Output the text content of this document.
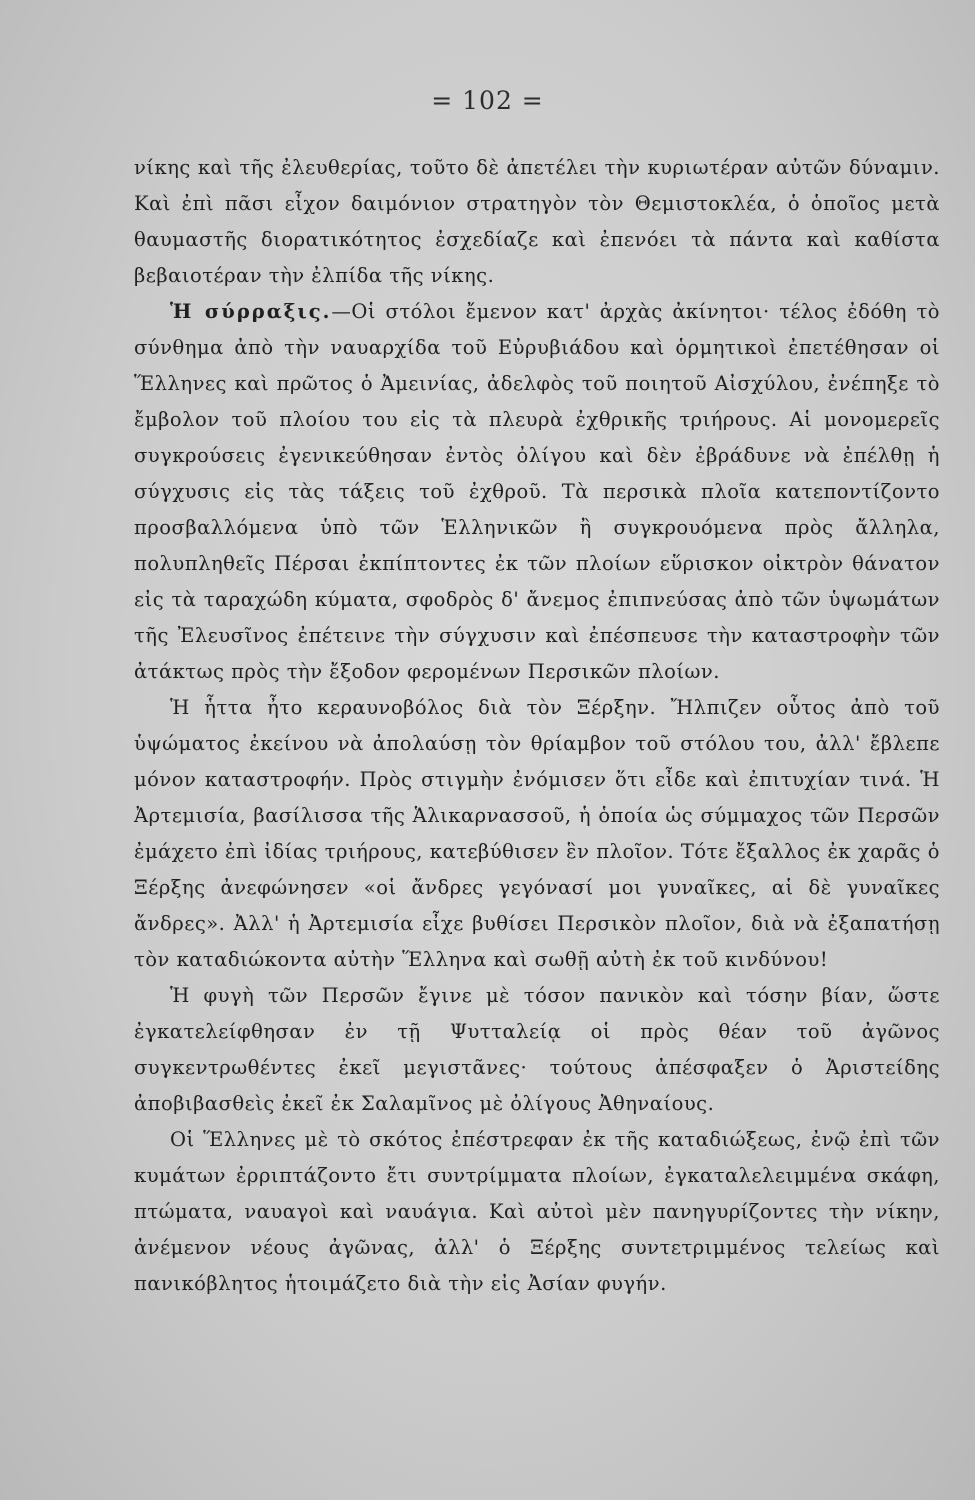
= 102 =

νίκης καὶ τῆς ἐλευθερίας, τοῦτο δὲ ἀπετέλει τὴν κυριωτέραν αὐτῶν δύναμιν. Καὶ ἐπὶ πᾶσι εἶχον δαιμόνιον στρατηγὸν τὸν Θεμιστοκλέα, ὁ ὁποῖος μετὰ θαυμαστῆς διορατικότητος ἐσχεδίαζε καὶ ἐπενόει τὰ πάντα καὶ καθίστα βεβαιοτέραν τὴν ἐλπίδα τῆς νίκης.

Ἡ σύρραξις.—Οἱ στόλοι ἔμενον κατ' ἀρχὰς ἀκίνητοι· τέλος ἐδόθη τὸ σύνθημα ἀπὸ τὴν ναυαρχίδα τοῦ Εὐρυβιάδου καὶ ὁρμητικοὶ ἐπετέθησαν οἱ Ἕλληνες καὶ πρῶτος ὁ Ἀμεινίας, ἀδελφὸς τοῦ ποιητοῦ Αἰσχύλου, ἐνέπηξε τὸ ἔμβολον τοῦ πλοίου του εἰς τὰ πλευρὰ ἐχθρικῆς τριήρους. Αἱ μονομερεῖς συγκρούσεις ἐγενικεύθησαν ἐντὸς ὀλίγου καὶ δὲν ἐβράδυνε νὰ ἐπέλθῃ ἡ σύγχυσις εἰς τὰς τάξεις τοῦ ἐχθροῦ. Τὰ περσικὰ πλοῖα κατεποντίζοντο προσβαλλόμενα ὑπὸ τῶν Ἑλληνικῶν ἢ συγκρουόμενα πρὸς ἄλληλα, πολυπληθεῖς Πέρσαι ἐκπίπτοντες ἐκ τῶν πλοίων εὕρισκον οἰκτρὸν θάνατον εἰς τὰ ταραχώδη κύματα, σφοδρὸς δ' ἄνεμος ἐπιπνεύσας ἀπὸ τῶν ὑψωμάτων τῆς Ἐλευσῖνος ἐπέτεινε τὴν σύγχυσιν καὶ ἐπέσπευσε τὴν καταστροφὴν τῶν ἀτάκτως πρὸς τὴν ἔξοδον φερομένων Περσικῶν πλοίων.

Ἡ ἧττα ἦτο κεραυνοβόλος διὰ τὸν Ξέρξην. Ἤλπιζεν οὗτος ἀπὸ τοῦ ὑψώματος ἐκείνου νὰ ἀπολαύσῃ τὸν θρίαμβον τοῦ στόλου του, ἀλλ' ἔβλεπε μόνον καταστροφήν. Πρὸς στιγμὴν ἐνόμισεν ὅτι εἶδε καὶ ἐπιτυχίαν τινά. Ἡ Ἀρτεμισία, βασίλισσα τῆς Ἁλικαρνασσοῦ, ἡ ὁποία ὡς σύμμαχος τῶν Περσῶν ἐμάχετο ἐπὶ ἰδίας τριήρους, κατεβύθισεν ἓν πλοῖον. Τότε ἔξαλλος ἐκ χαρᾶς ὁ Ξέρξης ἀνεφώνησεν «οἱ ἄνδρες γεγόνασί μοι γυναῖκες, αἱ δὲ γυναῖκες ἄνδρες». Ἀλλ' ἡ Ἀρτεμισία εἶχε βυθίσει Περσικὸν πλοῖον, διὰ νὰ ἐξαπατήσῃ τὸν καταδιώκοντα αὐτὴν Ἕλληνα καὶ σωθῇ αὐτὴ ἐκ τοῦ κινδύνου!

Ἡ φυγὴ τῶν Περσῶν ἔγινε μὲ τόσον πανικὸν καὶ τόσην βίαν, ὥστε ἐγκατελείφθησαν ἐν τῇ Ψυτταλείᾳ οἱ πρὸς θέαν τοῦ ἀγῶνος συγκεντρωθέντες ἐκεῖ μεγιστᾶνες· τούτους ἀπέσφαξεν ὁ Ἀριστείδης ἀποβιβασθεὶς ἐκεῖ ἐκ Σαλαμῖνος μὲ ὀλίγους Ἀθηναίους.

Οἱ Ἕλληνες μὲ τὸ σκότος ἐπέστρεφαν ἐκ τῆς καταδιώξεως, ἐνῷ ἐπὶ τῶν κυμάτων ἐρριπτάζοντο ἔτι συντρίμματα πλοίων, ἐγκαταλελειμμένα σκάφη, πτώματα, ναυαγοὶ καὶ ναυάγια. Καὶ αὐτοὶ μὲν πανηγυρίζοντες τὴν νίκην, ἀνέμενον νέους ἀγῶνας, ἀλλ' ὁ Ξέρξης συντετριμμένος τελείως καὶ πανικόβλητος ἡτοιμάζετο διὰ τὴν εἰς Ἀσίαν φυγήν.
